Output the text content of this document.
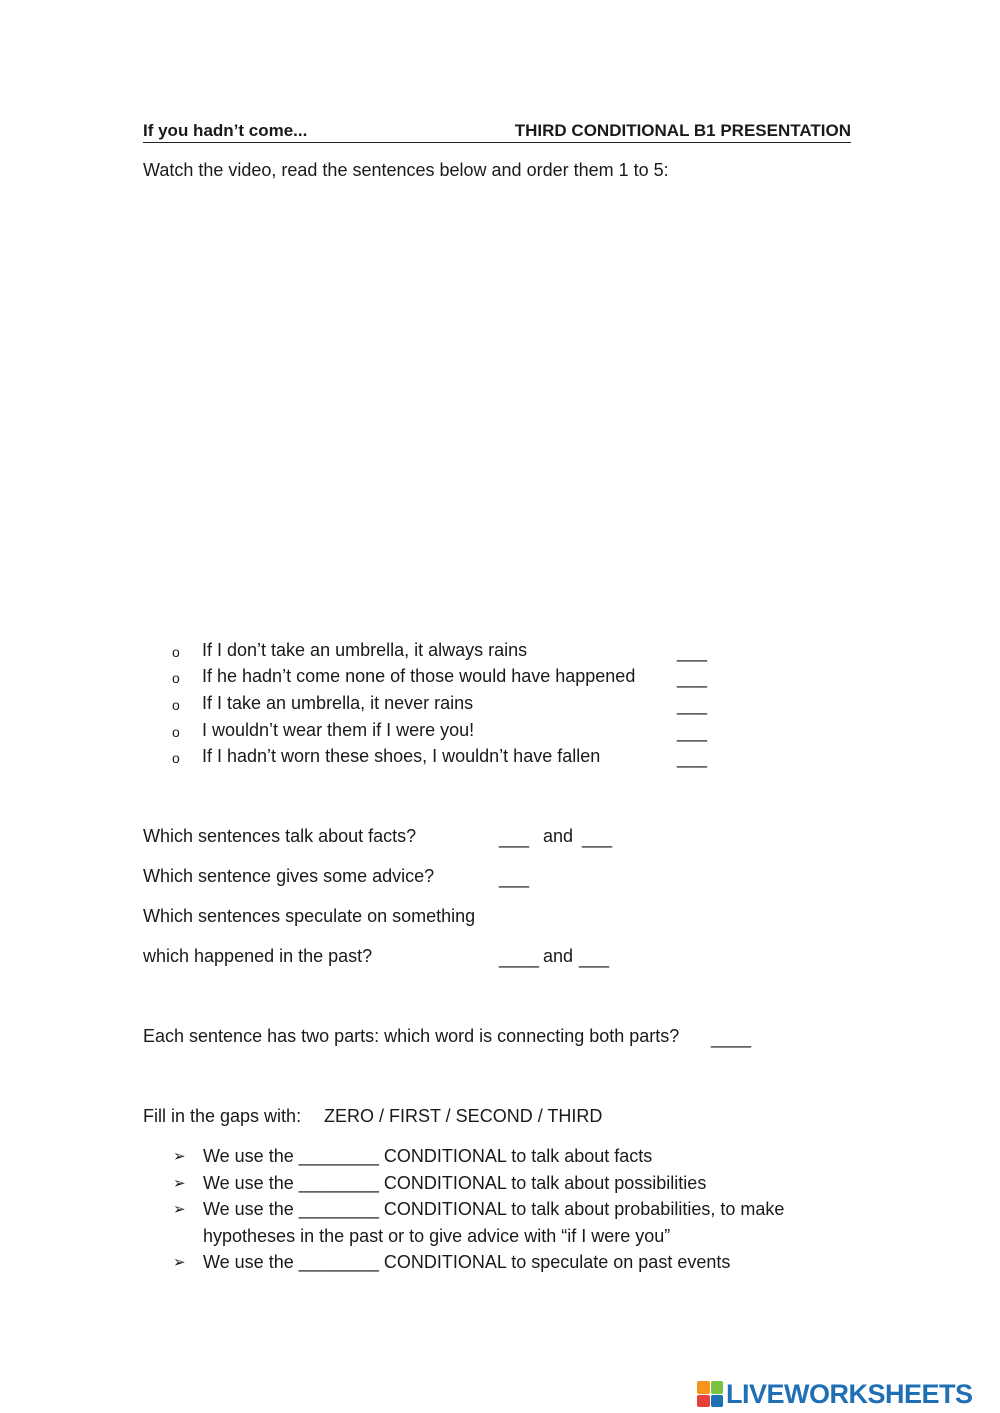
If you hadn’t come...	THIRD CONDITIONAL B1 PRESENTATION
Watch the video, read the sentences below and order them 1 to 5:
o If I don’t take an umbrella, it always rains	___
o If he hadn’t come none of those would have happened ___
o If I take an umbrella, it never rains	___
o I wouldn’t wear them if I were you!	___
o If I hadn’t worn these shoes, I wouldn’t have fallen	___
Which sentences talk about facts?	___ and ___
Which sentence gives some advice?	___
Which sentences speculate on something
which happened in the past?	____ and ___
Each sentence has two parts: which word is connecting both parts? ____
Fill in the gaps with: ZERO / FIRST / SECOND / THIRD
➢ We use the ________ CONDITIONAL to talk about facts
➢ We use the ________ CONDITIONAL to talk about possibilities
➢ We use the ________ CONDITIONAL to talk about probabilities, to make
hypotheses in the past or to give advice with “if I were you”
➢ We use the ________ CONDITIONAL to speculate on past events
LIVEWORKSHEETS
